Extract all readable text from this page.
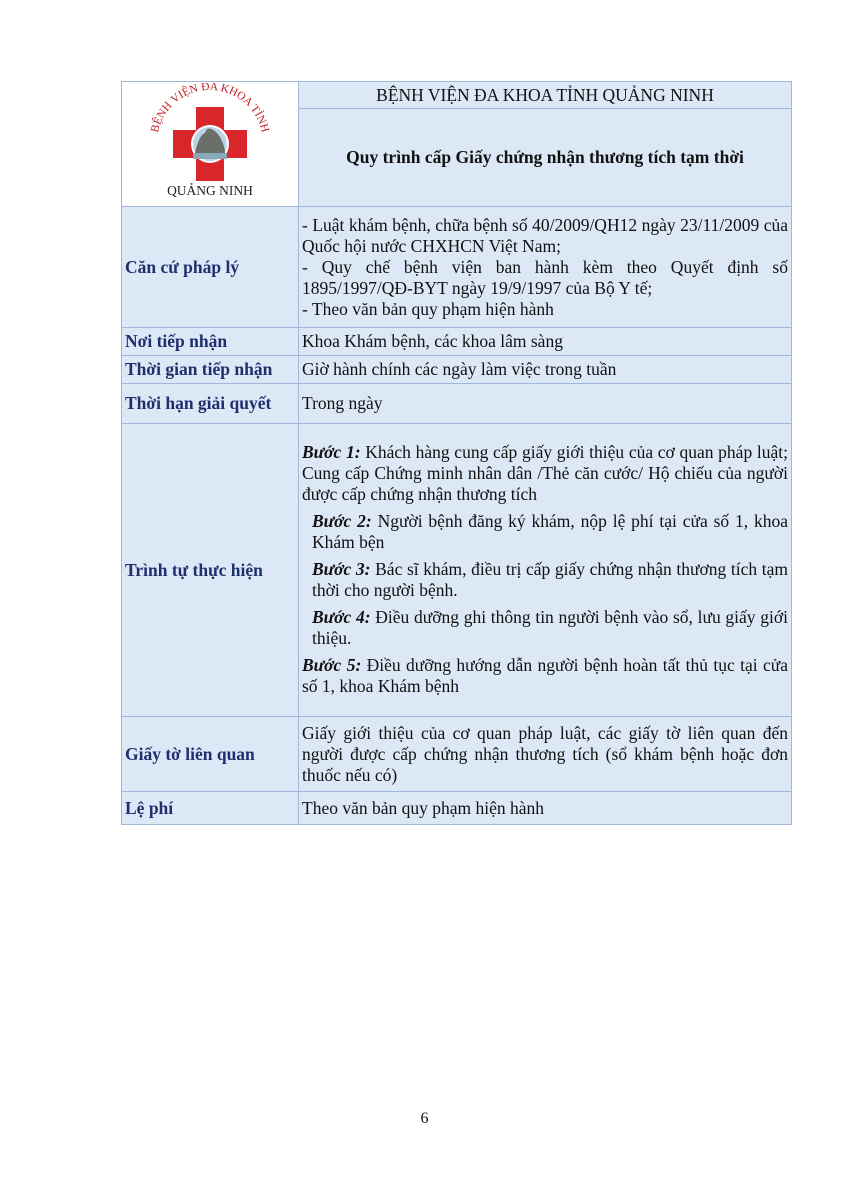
BỆNH VIỆN ĐA KHOA TỈNH
QUẢNG NINH	BỆNH VIỆN ĐA KHOA TỈNH QUẢNG NINH
	Quy trình cấp Giấy chứng nhận thương tích tạm thời
Căn cứ pháp lý	- Luật khám bệnh, chữa bệnh số 40/2009/QH12 ngày 23/11/2009 của Quốc hội nước CHXHCN Việt Nam;
- Quy chế bệnh viện ban hành kèm theo Quyết định số 1895/1997/QĐ-BYT ngày 19/9/1997 của Bộ Y tế;
- Theo văn bản quy phạm hiện hành

Nơi tiếp nhận	Khoa Khám bệnh, các khoa lâm sàng
Thời gian tiếp nhận	Giờ hành chính các ngày làm việc trong tuần
Thời hạn giải quyết	Trong ngày
Trình tự thực hiện	Bước 1: Khách hàng cung cấp giấy giới thiệu của cơ quan pháp luật; Cung cấp Chứng minh nhân dân /Thẻ căn cước/ Hộ chiếu của người được cấp chứng nhận thương tích
Bước 2: Người bệnh đăng ký khám, nộp lệ phí tại cửa số 1, khoa Khám bện
Bước 3: Bác sĩ khám, điều trị cấp giấy chứng nhận thương tích tạm thời cho người bệnh.
Bước 4: Điều dưỡng ghi thông tin người bệnh vào sổ, lưu giấy giới thiệu.
Bước 5: Điều dưỡng hướng dẫn người bệnh hoàn tất thủ tục tại cửa số 1, khoa Khám bệnh

Giấy tờ liên quan	Giấy giới thiệu của cơ quan pháp luật, các giấy tờ liên quan đến người được cấp chứng nhận thương tích (sổ khám bệnh hoặc đơn thuốc nếu có)
Lệ phí	Theo văn bản quy phạm hiện hành
6
